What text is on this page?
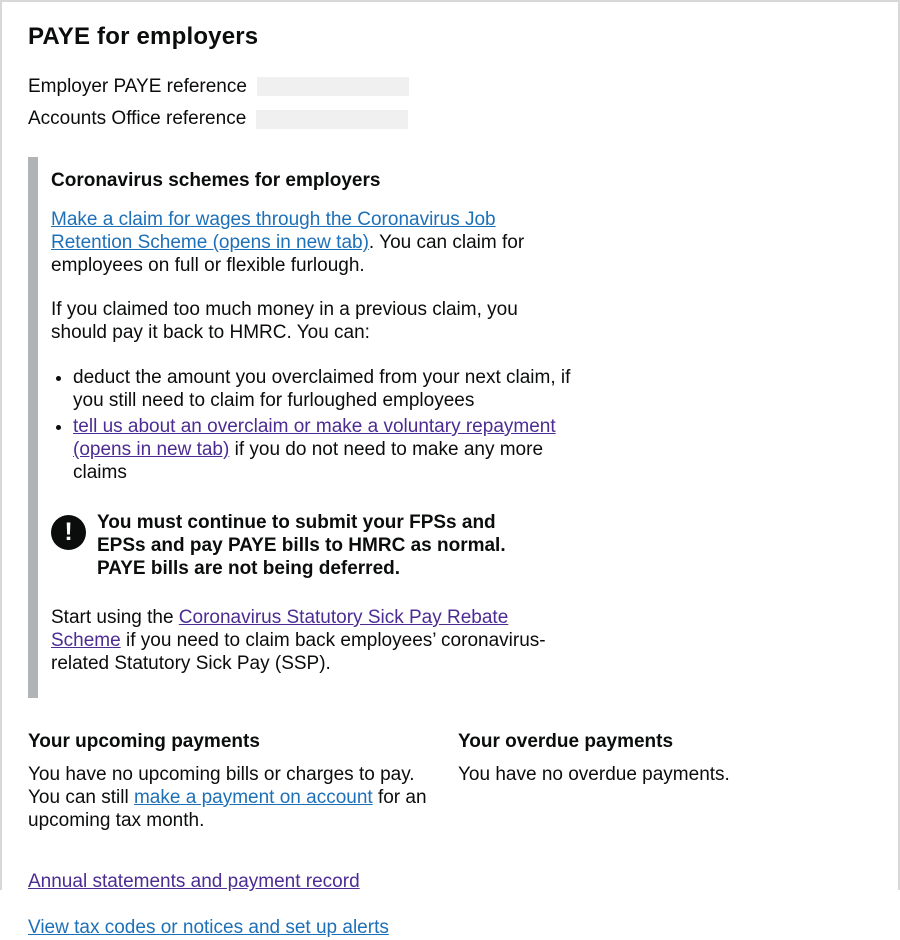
PAYE for employers
Employer PAYE reference
Accounts Office reference
Coronavirus schemes for employers

Make a claim for wages through the Coronavirus Job Retention Scheme (opens in new tab). You can claim for employees on full or flexible furlough.

If you claimed too much money in a previous claim, you should pay it back to HMRC. You can:

• deduct the amount you overclaimed from your next claim, if you still need to claim for furloughed employees
• tell us about an overclaim or make a voluntary repayment (opens in new tab) if you do not need to make any more claims
!	You must continue to submit your FPSs and EPSs and pay PAYE bills to HMRC as normal. PAYE bills are not being deferred.

Start using the Coronavirus Statutory Sick Pay Rebate Scheme if you need to claim back employees’ coronavirus-related Statutory Sick Pay (SSP).

Your upcoming payments

You have no upcoming bills or charges to pay. You can still make a payment on account for an upcoming tax month.

Your overdue payments

You have no overdue payments.

Annual statements and payment record
View tax codes or notices and set up alerts
